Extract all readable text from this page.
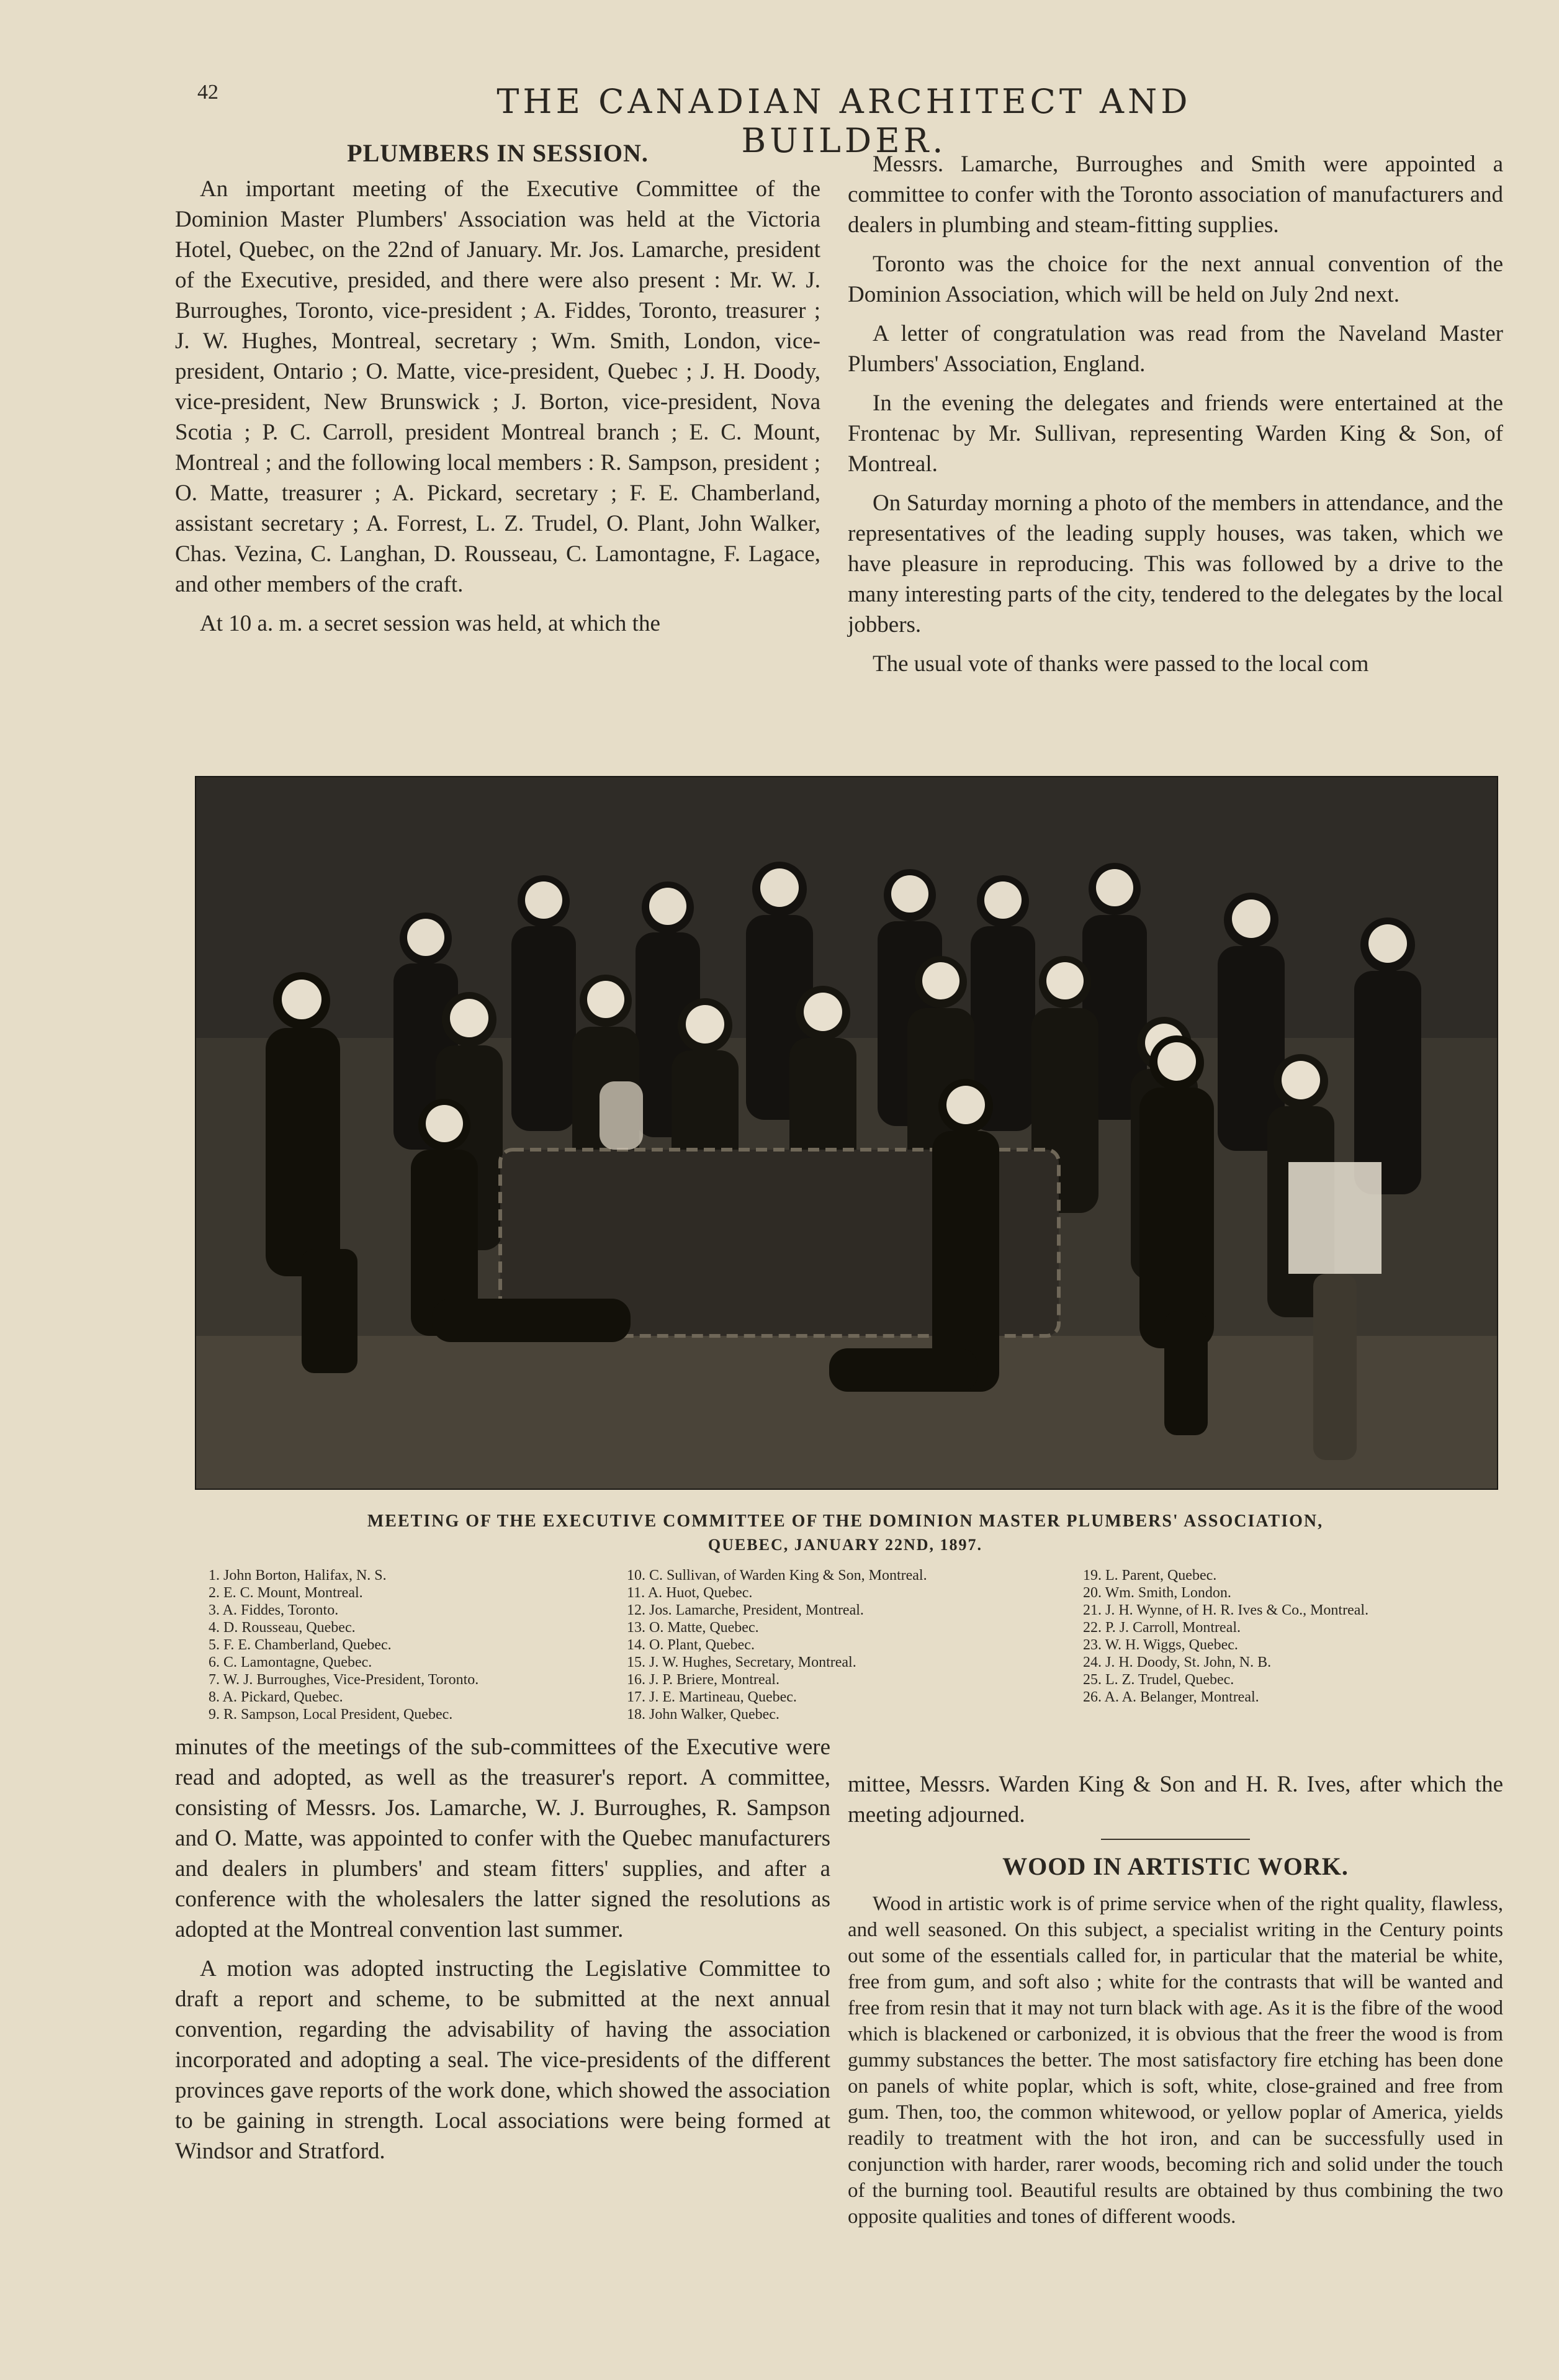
42	THE CANADIAN ARCHITECT AND BUILDER.
PLUMBERS IN SESSION.

An important meeting of the Executive Committee of the Dominion Master Plumbers' Association was held at the Victoria Hotel, Quebec, on the 22nd of January. Mr. Jos. Lamarche, president of the Executive, presided, and there were also present : Mr. W. J. Burroughes, Toronto, vice-president ; A. Fiddes, Toronto, treasurer ; J. W. Hughes, Montreal, secretary ; Wm. Smith, London, vice-president, Ontario ; O. Matte, vice-president, Quebec ; J. H. Doody, vice-president, New Brunswick ; J. Borton, vice-president, Nova Scotia ; P. C. Carroll, president Montreal branch ; E. C. Mount, Montreal ; and the following local members : R. Sampson, president ; O. Matte, treasurer ; A. Pickard, secretary ; F. E. Chamberland, assistant secretary ; A. Forrest, L. Z. Trudel, O. Plant, John Walker, Chas. Vezina, C. Langhan, D. Rousseau, C. Lamontagne, F. Lagace, and other members of the craft.

At 10 a. m. a secret session was held, at which the

Messrs. Lamarche, Burroughes and Smith were appointed a committee to confer with the Toronto association of manufacturers and dealers in plumbing and steam-fitting supplies.

Toronto was the choice for the next annual convention of the Dominion Association, which will be held on July 2nd next.

A letter of congratulation was read from the Naveland Master Plumbers' Association, England.

In the evening the delegates and friends were entertained at the Frontenac by Mr. Sullivan, representing Warden King & Son, of Montreal.

On Saturday morning a photo of the members in attendance, and the representatives of the leading supply houses, was taken, which we have pleasure in reproducing. This was followed by a drive to the many interesting parts of the city, tendered to the delegates by the local jobbers.

The usual vote of thanks were passed to the local com

MEETING OF THE EXECUTIVE COMMITTEE OF THE DOMINION MASTER PLUMBERS' ASSOCIATION,
QUEBEC, JANUARY 22ND, 1897.
1. John Borton, Halifax, N. S.
2. E. C. Mount, Montreal.
3. A. Fiddes, Toronto.
4. D. Rousseau, Quebec.
5. F. E. Chamberland, Quebec.
6. C. Lamontagne, Quebec.
7. W. J. Burroughes, Vice-President, Toronto.
8. A. Pickard, Quebec.
9. R. Sampson, Local President, Quebec.
10. C. Sullivan, of Warden King & Son, Montreal.
11. A. Huot, Quebec.
12. Jos. Lamarche, President, Montreal.
13. O. Matte, Quebec.
14. O. Plant, Quebec.
15. J. W. Hughes, Secretary, Montreal.
16. J. P. Briere, Montreal.
17. J. E. Martineau, Quebec.
18. John Walker, Quebec.
19. L. Parent, Quebec.
20. Wm. Smith, London.
21. J. H. Wynne, of H. R. Ives & Co., Montreal.
22. P. J. Carroll, Montreal.
23. W. H. Wiggs, Quebec.
24. J. H. Doody, St. John, N. B.
25. L. Z. Trudel, Quebec.
26. A. A. Belanger, Montreal.

minutes of the meetings of the sub-committees of the Executive were read and adopted, as well as the treasurer's report. A committee, consisting of Messrs. Jos. Lamarche, W. J. Burroughes, R. Sampson and O. Matte, was appointed to confer with the Quebec manufacturers and dealers in plumbers' and steam fitters' supplies, and after a conference with the wholesalers the latter signed the resolutions as adopted at the Montreal convention last summer.

A motion was adopted instructing the Legislative Committee to draft a report and scheme, to be submitted at the next annual convention, regarding the advisability of having the association incorporated and adopting a seal. The vice-presidents of the different provinces gave reports of the work done, which showed the association to be gaining in strength. Local associations were being formed at Windsor and Stratford.

mittee, Messrs. Warden King & Son and H. R. Ives, after which the meeting adjourned.

WOOD IN ARTISTIC WORK.

Wood in artistic work is of prime service when of the right quality, flawless, and well seasoned. On this subject, a specialist writing in the Century points out some of the essentials called for, in particular that the material be white, free from gum, and soft also ; white for the contrasts that will be wanted and free from resin that it may not turn black with age. As it is the fibre of the wood which is blackened or carbonized, it is obvious that the freer the wood is from gummy substances the better. The most satisfactory fire etching has been done on panels of white poplar, which is soft, white, close-grained and free from gum. Then, too, the common whitewood, or yellow poplar of America, yields readily to treatment with the hot iron, and can be successfully used in conjunction with harder, rarer woods, becoming rich and solid under the touch of the burning tool. Beautiful results are obtained by thus combining the two opposite qualities and tones of different woods.
